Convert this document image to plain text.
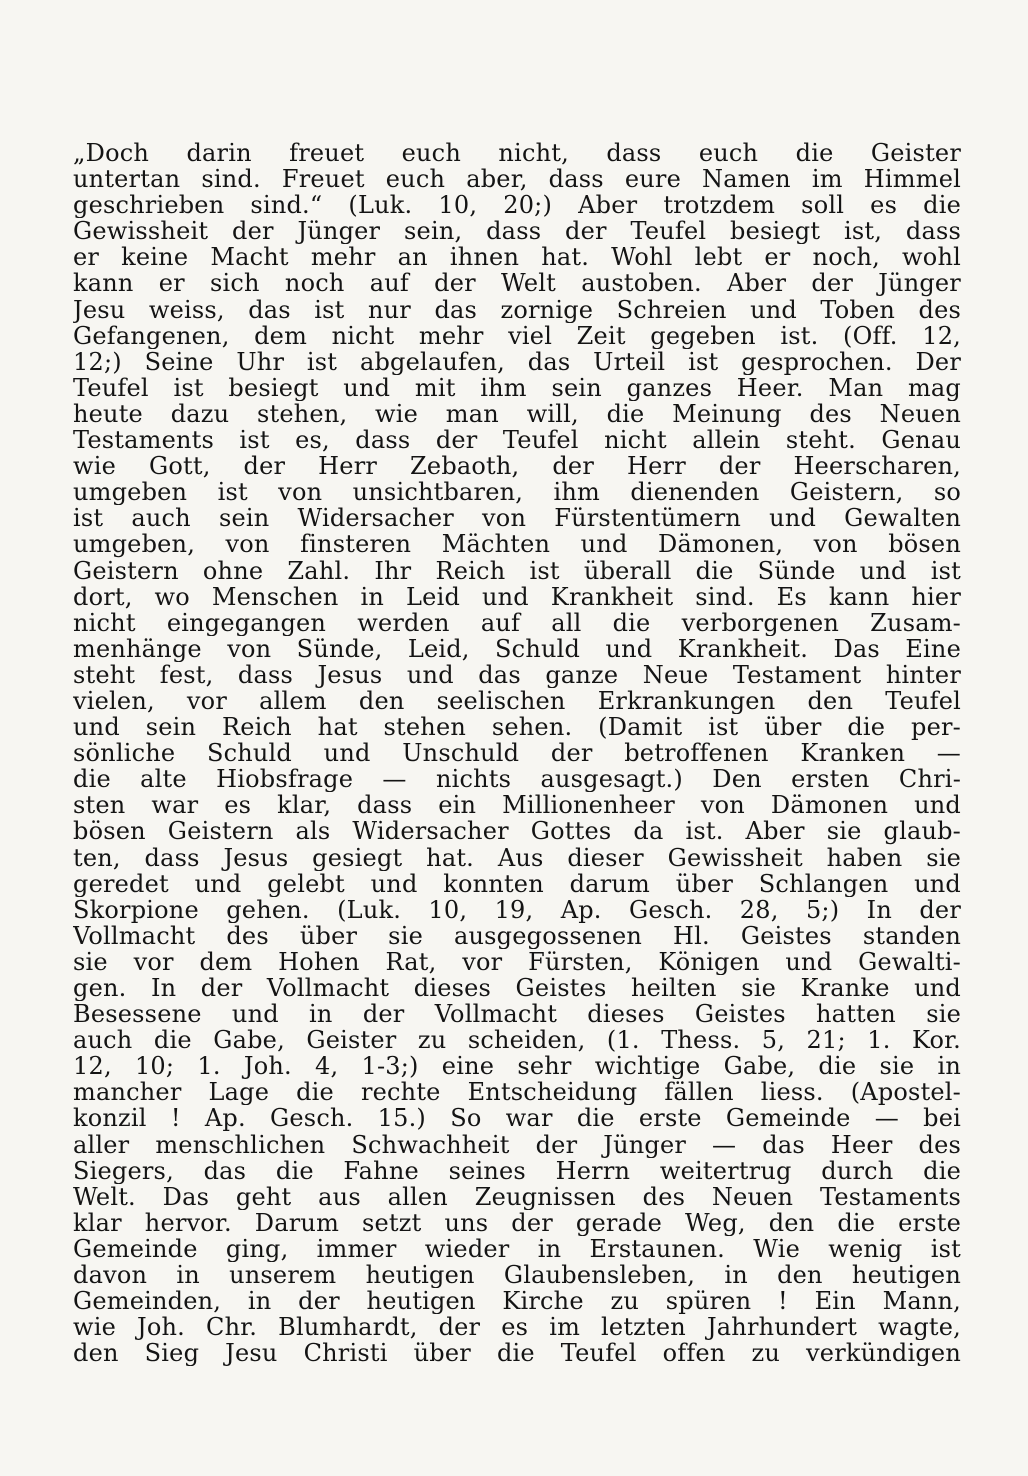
„Doch darin freuet euch nicht, dass euch die Geister
untertan sind. Freuet euch aber, dass eure Namen im Himmel
geschrieben sind.“ (Luk. 10, 20;) Aber trotzdem soll es die
Gewissheit der Jünger sein, dass der Teufel besiegt ist, dass
er keine Macht mehr an ihnen hat. Wohl lebt er noch, wohl
kann er sich noch auf der Welt austoben. Aber der Jünger
Jesu weiss, das ist nur das zornige Schreien und Toben des
Gefangenen, dem nicht mehr viel Zeit gegeben ist. (Off. 12,
12;) Seine Uhr ist abgelaufen, das Urteil ist gesprochen. Der
Teufel ist besiegt und mit ihm sein ganzes Heer. Man mag
heute dazu stehen, wie man will, die Meinung des Neuen
Testaments ist es, dass der Teufel nicht allein steht. Genau
wie Gott, der Herr Zebaoth, der Herr der Heerscharen,
umgeben ist von unsichtbaren, ihm dienenden Geistern, so
ist auch sein Widersacher von Fürstentümern und Gewalten
umgeben, von finsteren Mächten und Dämonen, von bösen
Geistern ohne Zahl. Ihr Reich ist überall die Sünde und ist
dort, wo Menschen in Leid und Krankheit sind. Es kann hier
nicht eingegangen werden auf all die verborgenen Zusam-
menhänge von Sünde, Leid, Schuld und Krankheit. Das Eine
steht fest, dass Jesus und das ganze Neue Testament hinter
vielen, vor allem den seelischen Erkrankungen den Teufel
und sein Reich hat stehen sehen. (Damit ist über die per-
sönliche Schuld und Unschuld der betroffenen Kranken —
die alte Hiobsfrage — nichts ausgesagt.) Den ersten Chri-
sten war es klar, dass ein Millionenheer von Dämonen und
bösen Geistern als Widersacher Gottes da ist. Aber sie glaub-
ten, dass Jesus gesiegt hat. Aus dieser Gewissheit haben sie
geredet und gelebt und konnten darum über Schlangen und
Skorpione gehen. (Luk. 10, 19, Ap. Gesch. 28, 5;) In der
Vollmacht des über sie ausgegossenen Hl. Geistes standen
sie vor dem Hohen Rat, vor Fürsten, Königen und Gewalti-
gen. In der Vollmacht dieses Geistes heilten sie Kranke und
Besessene und in der Vollmacht dieses Geistes hatten sie
auch die Gabe, Geister zu scheiden, (1. Thess. 5, 21; 1. Kor.
12, 10; 1. Joh. 4, 1-3;) eine sehr wichtige Gabe, die sie in
mancher Lage die rechte Entscheidung fällen liess. (Apostel-
konzil ! Ap. Gesch. 15.) So war die erste Gemeinde — bei
aller menschlichen Schwachheit der Jünger — das Heer des
Siegers, das die Fahne seines Herrn weitertrug durch die
Welt. Das geht aus allen Zeugnissen des Neuen Testaments
klar hervor. Darum setzt uns der gerade Weg, den die erste
Gemeinde ging, immer wieder in Erstaunen. Wie wenig ist
davon in unserem heutigen Glaubensleben, in den heutigen
Gemeinden, in der heutigen Kirche zu spüren ! Ein Mann,
wie Joh. Chr. Blumhardt, der es im letzten Jahrhundert wagte,
den Sieg Jesu Christi über die Teufel offen zu verkündigen
